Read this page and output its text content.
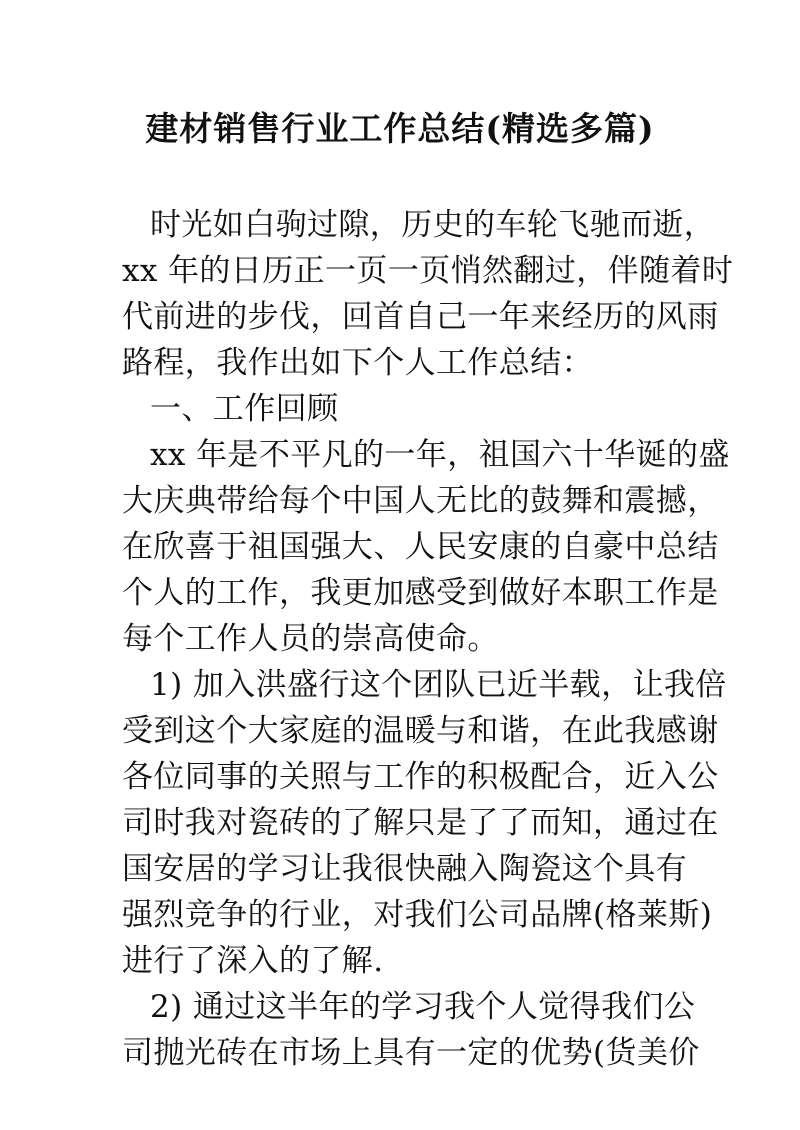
建材销售行业工作总结(精选多篇)
时光如白驹过隙，历史的车轮飞驰而逝，
xx 年的日历正一页一页悄然翻过，伴随着时
代前进的步伐，回首自己一年来经历的风雨
路程，我作出如下个人工作总结：
一、工作回顾
xx 年是不平凡的一年，祖国六十华诞的盛
大庆典带给每个中国人无比的鼓舞和震撼，
在欣喜于祖国强大、人民安康的自豪中总结
个人的工作，我更加感受到做好本职工作是
每个工作人员的崇高使命。
1) 加入洪盛行这个团队已近半载，让我倍
受到这个大家庭的温暖与和谐，在此我感谢
各位同事的关照与工作的积极配合，近入公
司时我对瓷砖的了解只是了了而知，通过在
国安居的学习让我很快融入陶瓷这个具有
强烈竞争的行业，对我们公司品牌(格莱斯)
进行了深入的了解.
2) 通过这半年的学习我个人觉得我们公
司抛光砖在市场上具有一定的优势(货美价
